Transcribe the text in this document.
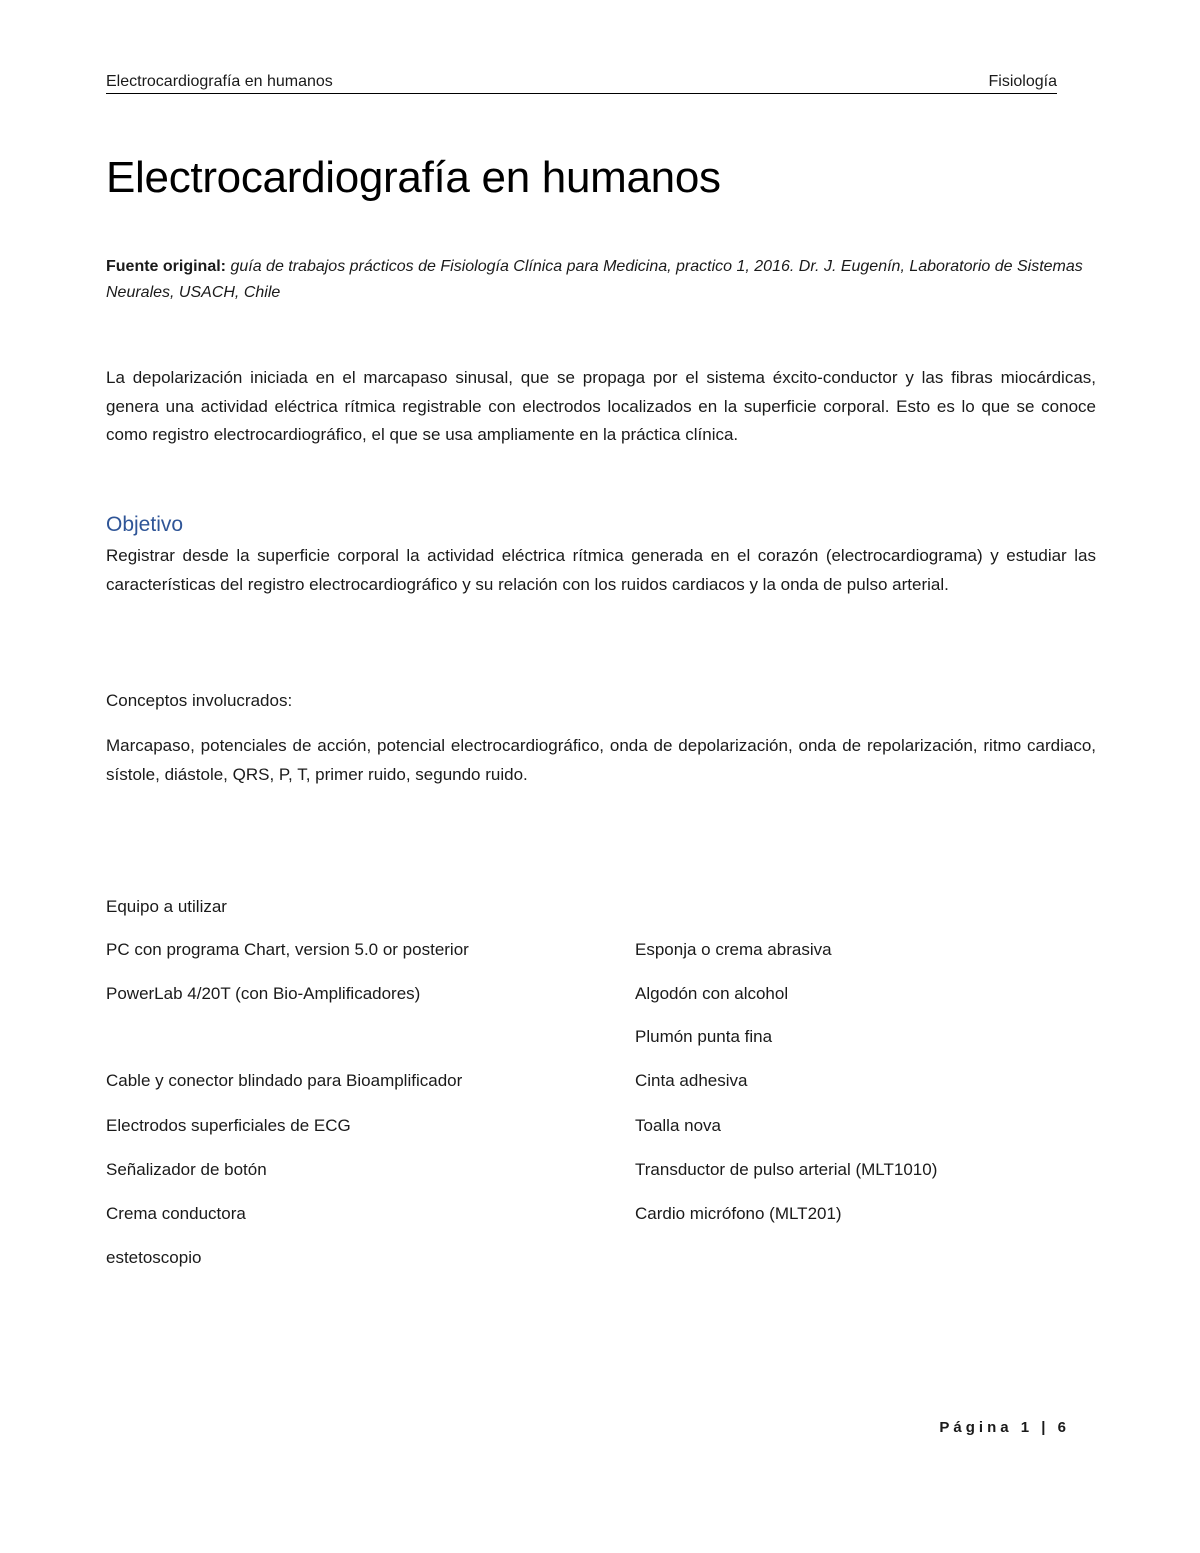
Electrocardiografía en humanos	Fisiología
Electrocardiografía en humanos

Fuente original: guía de trabajos prácticos de Fisiología Clínica para Medicina, practico 1, 2016. Dr. J. Eugenín, Laboratorio de Sistemas Neurales, USACH, Chile

La depolarización iniciada en el marcapaso sinusal, que se propaga por el sistema éxcito-conductor y las fibras miocárdicas, genera una actividad eléctrica rítmica registrable con electrodos localizados en la superficie corporal. Esto es lo que se conoce como registro electrocardiográfico, el que se usa ampliamente en la práctica clínica.

Objetivo

Registrar desde la superficie corporal la actividad eléctrica rítmica generada en el corazón (electrocardiograma) y estudiar las características del registro electrocardiográfico y su relación con los ruidos cardiacos y la onda de pulso arterial.

Conceptos involucrados:

Marcapaso, potenciales de acción, potencial electrocardiográfico, onda de depolarización, onda de repolarización, ritmo cardiaco, sístole, diástole, QRS, P, T, primer ruido, segundo ruido.

Equipo a utilizar

PC con programa Chart, version 5.0 or posterior

PowerLab 4/20T (con Bio-Amplificadores)

Cable y conector blindado para Bioamplificador

Electrodos superficiales de ECG

Señalizador de botón

Crema conductora

estetoscopio

Esponja o crema abrasiva

Algodón con alcohol

Plumón punta fina

Cinta adhesiva

Toalla nova

Transductor de pulso arterial (MLT1010)

Cardio micrófono (MLT201)

Página 1 | 6
